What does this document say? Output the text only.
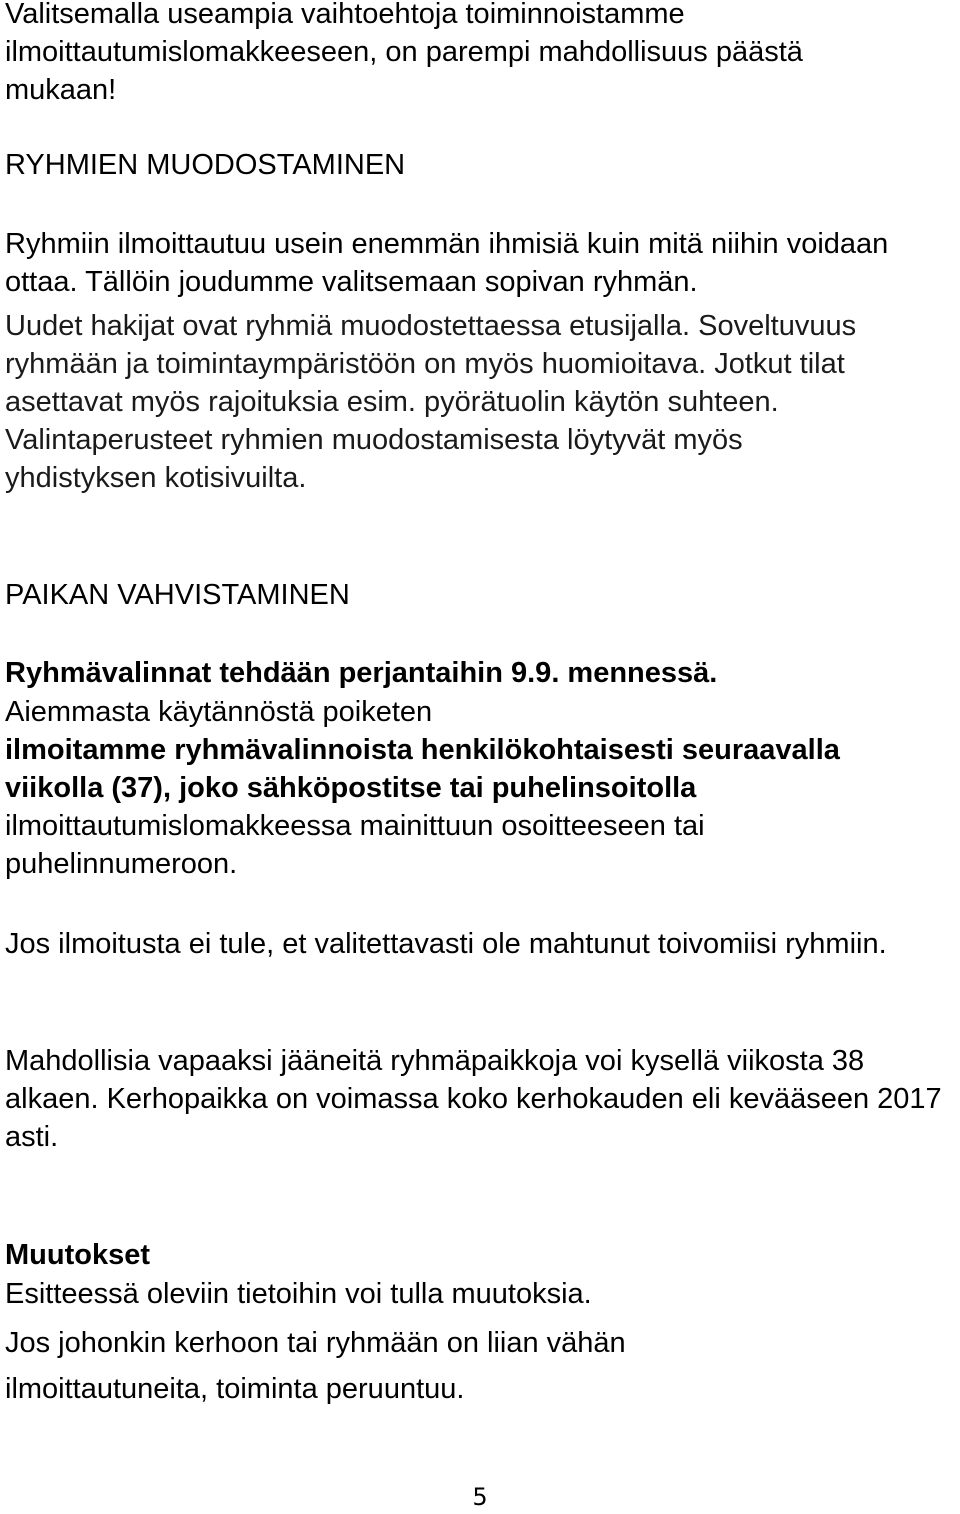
Valitsemalla useampia vaihtoehtoja toiminnoistamme ilmoittautumislomakkeeseen, on parempi mahdollisuus päästä mukaan!

RYHMIEN MUODOSTAMINEN

Ryhmiin ilmoittautuu usein enemmän ihmisiä kuin mitä niihin voidaan ottaa. Tällöin joudumme valitsemaan sopivan ryhmän.

Uudet hakijat ovat ryhmiä muodostettaessa etusijalla. Soveltuvuus ryhmään ja toimintaympäristöön on myös huomioitava. Jotkut tilat asettavat myös rajoituksia esim. pyörätuolin käytön suhteen. Valintaperusteet ryhmien muodostamisesta löytyvät myös yhdistyksen kotisivuilta.

PAIKAN VAHVISTAMINEN

Ryhmävalinnat tehdään perjantaihin 9.9. mennessä.

Aiemmasta käytännöstä poiketen
ilmoitamme ryhmävalinnoista henkilökohtaisesti seuraavalla viikolla (37), joko sähköpostitse tai puhelinsoitolla ilmoittautumislomakkeessa mainittuun osoitteeseen tai puhelinnumeroon.

Jos ilmoitusta ei tule, et valitettavasti ole mahtunut toivomiisi ryhmiin.

Mahdollisia vapaaksi jääneitä ryhmäpaikkoja voi kysellä viikosta 38 alkaen. Kerhopaikka on voimassa koko kerhokauden eli kevääseen 2017 asti.

Muutokset

Esitteessä oleviin tietoihin voi tulla muutoksia.

Jos johonkin kerhoon tai ryhmään on liian vähän ilmoittautuneita, toiminta peruuntuu.

5
